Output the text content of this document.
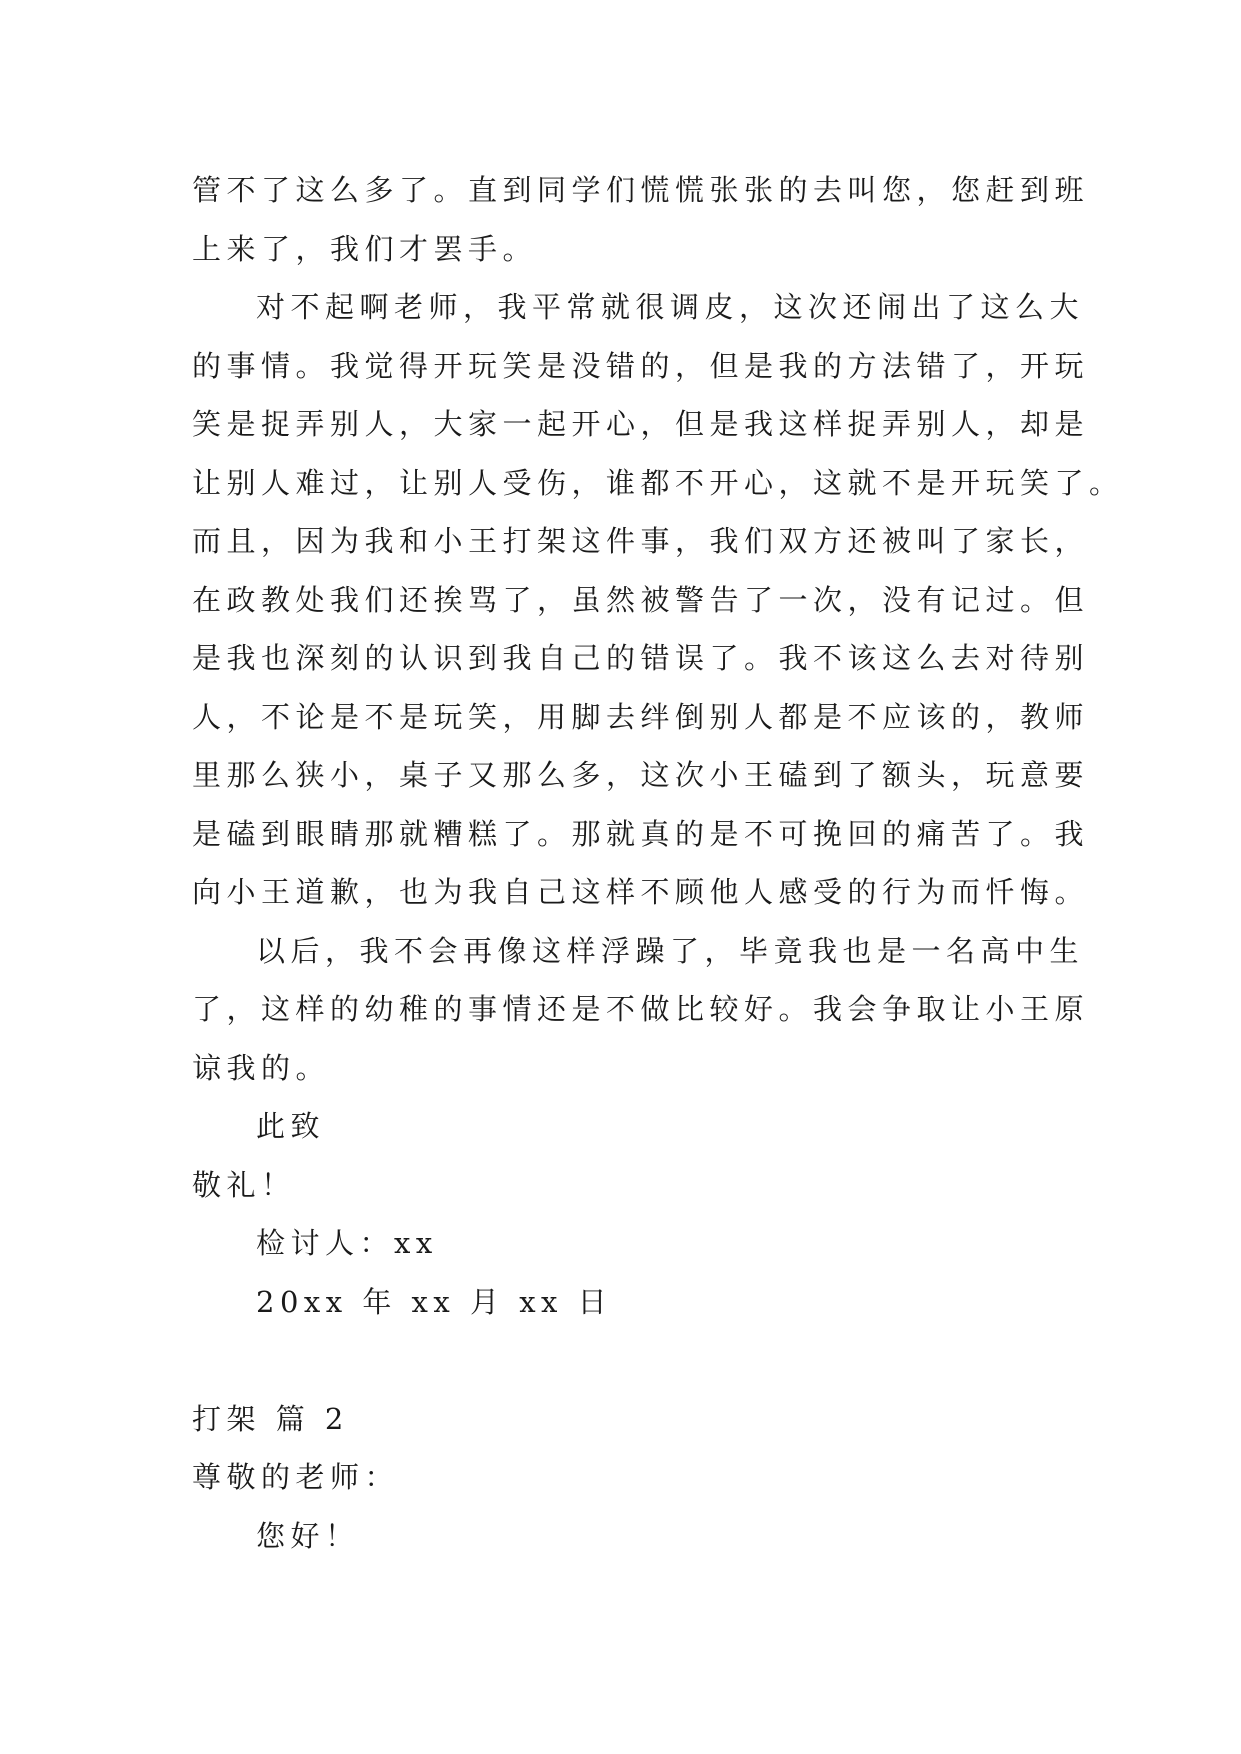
管不了这么多了。直到同学们慌慌张张的去叫您，您赶到班

上来了，我们才罢手。

对不起啊老师，我平常就很调皮，这次还闹出了这么大

的事情。我觉得开玩笑是没错的，但是我的方法错了，开玩

笑是捉弄别人，大家一起开心，但是我这样捉弄别人，却是

让别人难过，让别人受伤，谁都不开心，这就不是开玩笑了。

而且，因为我和小王打架这件事，我们双方还被叫了家长，

在政教处我们还挨骂了，虽然被警告了一次，没有记过。但

是我也深刻的认识到我自己的错误了。我不该这么去对待别

人，不论是不是玩笑，用脚去绊倒别人都是不应该的，教师

里那么狭小，桌子又那么多，这次小王磕到了额头，玩意要

是磕到眼睛那就糟糕了。那就真的是不可挽回的痛苦了。我

向小王道歉，也为我自己这样不顾他人感受的行为而忏悔。

以后，我不会再像这样浮躁了，毕竟我也是一名高中生

了，这样的幼稚的事情还是不做比较好。我会争取让小王原

谅我的。

此致

敬礼！

检讨人：xx

20xx 年 xx 月 xx 日

打架 篇 2

尊敬的老师：

您好！
